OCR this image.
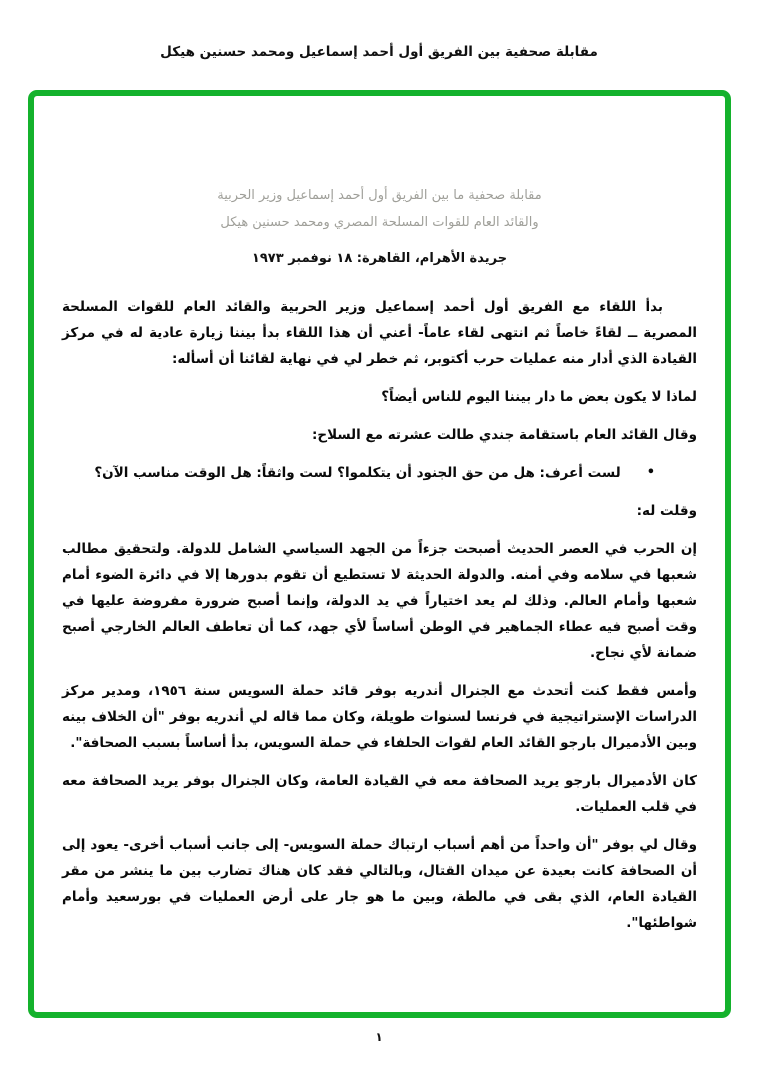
مقابلة صحفية بين الفريق أول أحمد إسماعيل ومحمد حسنين هيكل
مقابلة صحفية ما بين الفريق أول أحمد إسماعيل وزير الحربية
والقائد العام للقوات المسلحة المصري ومحمد حسنين هيكل
جريدة الأهرام، القاهرة: ١٨ نوفمبر ١٩٧٣

بدأ اللقاء مع الفريق أول أحمد إسماعيل وزير الحربية والقائد العام للقوات المسلحة المصرية ــ لقاءً خاصاً ثم انتهى لقاء عاماً- أعني أن هذا اللقاء بدأ بيننا زيارة عادية له في مركز القيادة الذي أدار منه عمليات حرب أكتوبر، ثم خطر لي في نهاية لقائنا أن أسأله:

لماذا لا يكون بعض ما دار بيننا اليوم للناس أيضاً؟

وقال القائد العام باستقامة جندي طالت عشرته مع السلاح:

•
لست أعرف: هل من حق الجنود أن يتكلموا؟ لست واثقاً: هل الوقت مناسب الآن؟

وقلت له:

إن الحرب في العصر الحديث أصبحت جزءاً من الجهد السياسي الشامل للدولة. ولتحقيق مطالب شعبها في سلامه وفي أمنه. والدولة الحديثة لا تستطيع أن تقوم بدورها إلا في دائرة الضوء أمام شعبها وأمام العالم. وذلك لم يعد اختياراً في يد الدولة، وإنما أصبح ضرورة مفروضة عليها في وقت أصبح فيه عطاء الجماهير في الوطن أساساً لأي جهد، كما أن تعاطف العالم الخارجي أصبح ضمانة لأي نجاح.

وأمس فقط كنت أتحدث مع الجنرال أندريه بوفر قائد حملة السويس سنة ١٩٥٦، ومدير مركز الدراسات الإستراتيجية في فرنسا لسنوات طويلة، وكان مما قاله لي أندريه بوفر "أن الخلاف بينه وبين الأدميرال بارجو القائد العام لقوات الحلفاء في حملة السويس، بدأ أساساً بسبب الصحافة".

كان الأدميرال بارجو يريد الصحافة معه في القيادة العامة، وكان الجنرال بوفر يريد الصحافة معه في قلب العمليات.

وقال لي بوفر "أن واحداً من أهم أسباب ارتباك حملة السويس- إلى جانب أسباب أخرى- يعود إلى أن الصحافة كانت بعيدة عن ميدان القتال، وبالتالي فقد كان هناك تضارب بين ما ينشر من مقر القيادة العام، الذي بقى في مالطة، وبين ما هو جار على أرض العمليات في بورسعيد وأمام شواطئها".

١
